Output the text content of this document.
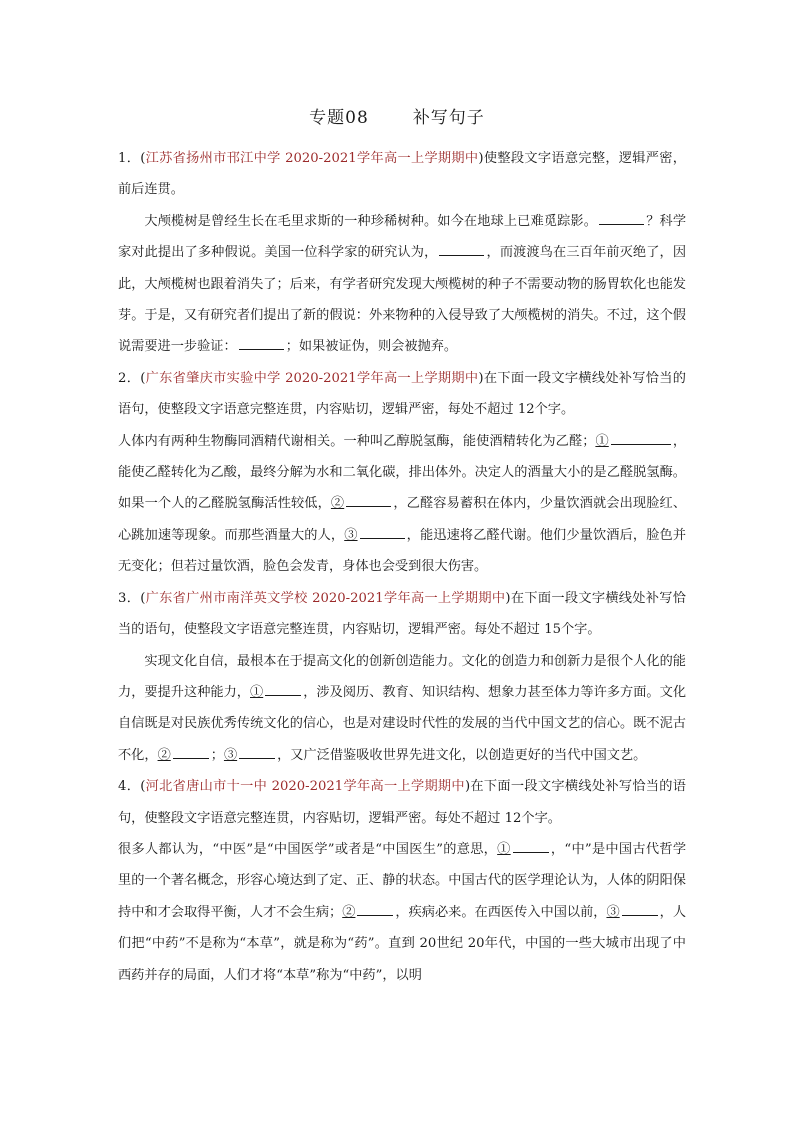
专题08	补写句子

1．(江苏省扬州市邗江中学 2020-2021学年高一上学期期中)使整段文字语意完整，逻辑严密，前后连贯。

大颅榄树是曾经生长在毛里求斯的一种珍稀树种。如今在地球上已难觅踪影。	？科学家对此提出了多种假说。美国一位科学家的研究认为，	，而渡渡鸟在三百年前灭绝了，因此，大颅榄树也跟着消失了；后来，有学者研究发现大颅榄树的种子不需要动物的肠胃软化也能发芽。于是，又有研究者们提出了新的假说：外来物种的入侵导致了大颅榄树的消失。不过，这个假说需要进一步验证：	；如果被证伪，则会被抛弃。

2．(广东省肇庆市实验中学 2020-2021学年高一上学期期中)在下面一段文字横线处补写恰当的语句，使整段文字语意完整连贯，内容贴切，逻辑严密，每处不超过 12个字。

人体内有两种生物酶同酒精代谢相关。一种叫乙醇脱氢酶，能使酒精转化为乙醛；①	，能使乙醛转化为乙酸，最终分解为水和二氧化碳，排出体外。决定人的酒量大小的是乙醛脱氢酶。如果一个人的乙醛脱氢酶活性较低，②	，乙醛容易蓄积在体内，少量饮酒就会出现脸红、心跳加速等现象。而那些酒量大的人，③	，能迅速将乙醛代谢。他们少量饮酒后，脸色并无变化；但若过量饮酒，脸色会发青，身体也会受到很大伤害。

3．(广东省广州市南洋英文学校 2020-2021学年高一上学期期中)在下面一段文字横线处补写恰当的语句，使整段文字语意完整连贯，内容贴切，逻辑严密。每处不超过 15个字。

实现文化自信，最根本在于提高文化的创新创造能力。文化的创造力和创新力是很个人化的能力，要提升这种能力，①	，涉及阅历、教育、知识结构、想象力甚至体力等许多方面。文化自信既是对民族优秀传统文化的信心，也是对建设时代性的发展的当代中国文艺的信心。既不泥古不化，②	；③	，又广泛借鉴吸收世界先进文化，以创造更好的当代中国文艺。

4．(河北省唐山市十一中 2020-2021学年高一上学期期中)在下面一段文字横线处补写恰当的语句，使整段文字语意完整连贯，内容贴切，逻辑严密。每处不超过 12个字。

很多人都认为，“中医”是“中国医学”或者是“中国医生”的意思，①	，“中”是中国古代哲学里的一个著名概念，形容心境达到了定、正、静的状态。中国古代的医学理论认为，人体的阴阳保持中和才会取得平衡，人才不会生病；②	，疾病必来。在西医传入中国以前，③	，人们把“中药”不是称为“本草”，就是称为“药”。直到 20世纪 20年代，中国的一些大城市出现了中西药并存的局面，人们才将“本草”称为“中药”，以明
